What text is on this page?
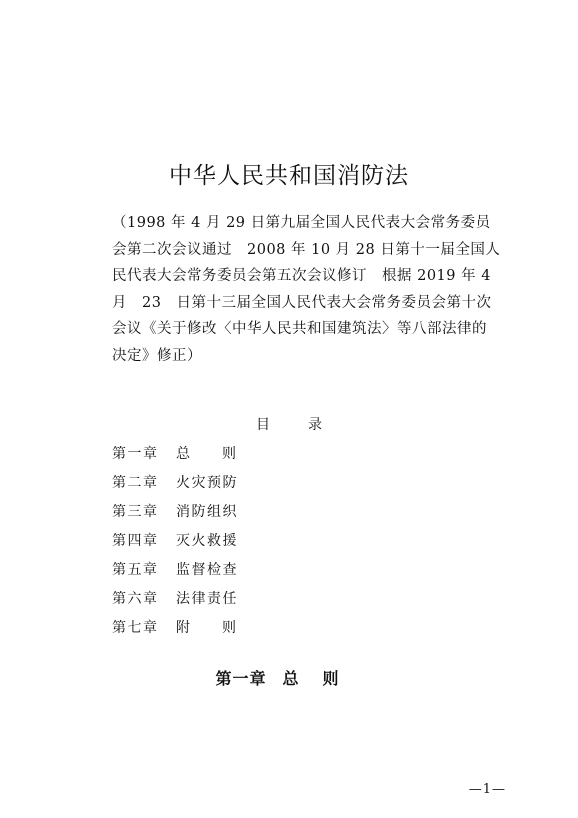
中华人民共和国消防法
（1998 年 4 月 29 日第九届全国人民代表大会常务委员
会第二次会议通过　2008 年 10 月 28 日第十一届全国人
民代表大会常务委员会第五次会议修订　根据 2019 年 4
月　23　日第十三届全国人民代表大会常务委员会第十次
会议《关于修改〈中华人民共和国建筑法〉等八部法律的
决定》修正）
目录
第一章 总则
第二章 火灾预防
第三章 消防组织
第四章 灭火救援
第五章 监督检查
第六章 法律责任
第七章 附则
第一章 总则
—1—
